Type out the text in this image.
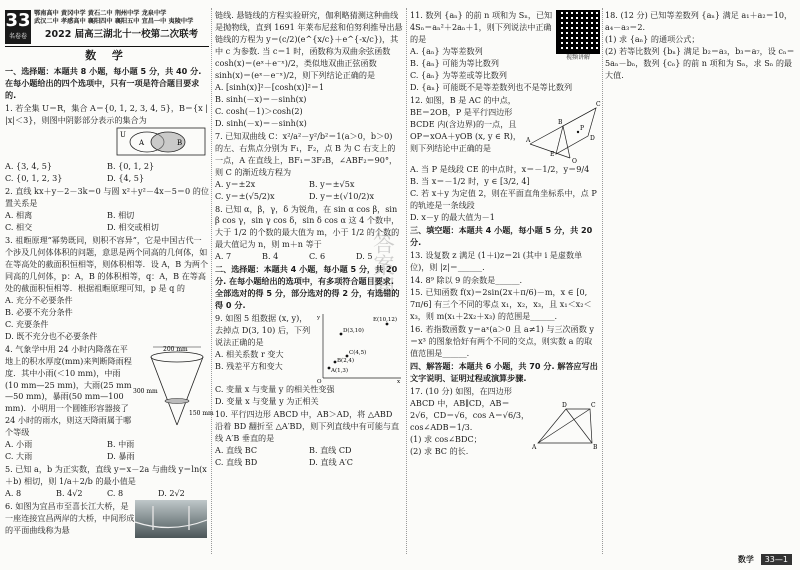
33
名卷卷
鄂南高中 黄冈中学 黄石二中 荆州中学 龙泉中学
武汉二中 孝感高中 襄阳四中 襄阳五中 宜昌一中 夷陵中学
2022 届高三湖北十一校第二次联考
数 学

一、选择题：本题共 8 小题，每小题 5 分，共 40 分. 在每小题给出的四个选项中，只有一项是符合题目要求的.

1. 若全集 U＝R，集合 A＝{0, 1, 2, 3, 4, 5}，B＝{x | |x|＜3}，则图中阴影部分表示的集合为

U
A	B
A. {3, 4, 5}	B. {0, 1, 2}
C. {0, 1, 2, 3}	D. {4, 5}

2. 直线 kx＋y－2－3k＝0 与圆 x²＋y²－4x－5＝0 的位置关系是

A. 相离	B. 相切
C. 相交	D. 相交或相切

3. 祖暅原理“幂势既同，则积不容异”，它是中国古代一个涉及几何体体积的问题，意思是两个同高的几何体，如在等高处的截面积恒相等，则体积相等．设 A，B 为两个同高的几何体，p：A，B 的体积相等，q：A，B 在等高处的截面积恒相等．根据祖暅原理可知，p 是 q 的

A. 充分不必要条件

B. 必要不充分条件

C. 充要条件

D. 既不充分也不必要条件

4. 气象学中用 24 小时内降落在平地上的积水厚度(mm)来判断降雨程度．其中小雨(＜10 mm)，中雨(10 mm—25 mm)，大雨(25 mm—50 mm)，暴雨(50 mm—100 mm)．小明用一个圆锥形容器接了 24 小时的雨水，则这天降雨属于哪个等级

200 mm
300 mm
150 mm
A. 小雨	B. 中雨
C. 大雨	D. 暴雨

5. 已知 a，b 为正实数，直线 y＝x－2a 与曲线 y＝ln(x＋b) 相切，则 1/a＋2/b 的最小值是

A. 8	B. 4√2	C. 8	D. 2√2

6. 如图为宜昌市至喜长江大桥，是一座连接宜昌两岸的大桥，中间形成的平面曲线称为悬

链线. 悬链线的方程实验研究，伽利略猜测这种曲线是抛物线，直到 1691 年莱布尼兹和伯努利推导出悬链线的方程为 y＝(c/2)(e^{x/c}＋e^{-x/c})，其中 c 为参数. 当 c＝1 时，函数称为双曲余弦函数 cosh(x)＝(eˣ＋e⁻ˣ)/2，类似地双曲正弦函数 sinh(x)＝(eˣ－e⁻ˣ)/2，则下列结论正确的是

A. [sinh(x)]²－[cosh(x)]²＝1

B. sinh(－x)＝－sinh(x)

C. cosh(－1)＞cosh(2)

D. sinh(－x)＝－sinh(x)

7. 已知双曲线 C：x²/a²－y²/b²＝1(a＞0，b＞0) 的左、右焦点分别为 F₁，F₂，点 B 为 C 右支上的一点，A 在直线上，BF₁＝3F₂B，∠ABF₂＝90°，则 C 的渐近线方程为

A. y＝±2x	B. y＝±√5x
C. y＝±(√5/2)x	D. y＝±(√10/2)x

8. 已知 α，β，γ，δ 为锐角，在 sin α cos β，sin β cos γ，sin γ cos δ，sin δ cos α 这 4 个数中，大于 1/2 的个数的最大值为 m，小于 1/2 的个数的最大值记为 n，则 m＋n 等于

A. 7	B. 4	C. 6	D. 5

二、选择题：本题共 4 小题，每小题 5 分，共 20 分. 在每小题给出的选项中，有多项符合题目要求. 全部选对的得 5 分，部分选对的得 2 分，有选错的得 0 分.

9. 如图 5 组数据 (x, y)，去掉点 D(3, 10) 后，下列说法正确的是

A. 相关系数 r 变大

B. 残差平方和变大

D(3,10)
E(10,12)
C(4,5)
B(2,4)
A(1,3)
O	x
y

C. 变量 x 与变量 y 的相关性变强

D. 变量 x 与变量 y 为正相关

10. 平行四边形 ABCD 中，AB＞AD，将 △ABD 沿着 BD 翻折至 △A′BD，则下列直线中有可能与直线 A′B 垂直的是

A. 直线 BC	B. 直线 CD
C. 直线 BD	D. 直线 A′C

11. 数列 {aₙ} 的前 n 项和为 Sₙ，已知 4Sₙ＝aₙ²＋2aₙ＋1，则下列说法中正确的是

A. {aₙ} 为等差数列

B. {aₙ} 可能为等比数列

C. {aₙ} 为等差或等比数列

视频讲解

D. {aₙ} 可能既不是等差数列也不是等比数列

12. 如图，B 是 AC 的中点，BE＝2OB，P 是平行四边形 BCDE 内(含边界)的一点，且 OP＝xOA＋yOB (x, y ∈ R)，则下列结论中正确的是

A
B
C
D
E
O
P

A. 当 P 是线段 CE 的中点时，x＝－1/2，y＝9/4

B. 当 x＝－1/2 时，y ∈ [3/2, 4]

C. 若 x＋y 为定值 2，则在平面直角坐标系中，点 P 的轨迹是一条线段

D. x－y 的最大值为－1

三、填空题：本题共 4 小题，每小题 5 分，共 20 分.

13. 设复数 z 满足 (1＋i)z＝2i (其中 i 是虚数单位)，则 |z|＝______.

14. 8⁹ 除以 9 的余数是______.

15. 已知函数 f(x)＝2sin(2x＋π/6)－m，x ∈ [0, 7π/6] 有三个不同的零点 x₁，x₂，x₃，且 x₁＜x₂＜x₃，则 m(x₁＋2x₂＋x₃) 的范围是______.

16. 若指数函数 y＝aˣ(a＞0 且 a≠1) 与三次函数 y＝x³ 的图象恰好有两个不同的交点，则实数 a 的取值范围是______.

四、解答题：本题共 6 小题，共 70 分. 解答应写出文字说明、证明过程或演算步骤.

17. (10 分) 如图，在四边形 ABCD 中，AB∥CD，AB＝2√6，CD＝√6，cos A＝√6/3，cos∠ADB＝1/3.

(1) 求 cos∠BDC；

(2) 求 BC 的长.	A	B
C
D

18. (12 分) 已知等差数列 {aₙ} 满足 a₁＋a₂＝10，a₄－a₃＝2.

(1) 求 {aₙ} 的通项公式；

(2) 若等比数列 {bₙ} 满足 b₂＝a₃，b₃＝a₇，设 cₙ＝5aₙ－bₙ，数列 {cₙ} 的前 n 项和为 Sₙ，求 Sₙ 的最大值.

答案圈
数学 33—1
